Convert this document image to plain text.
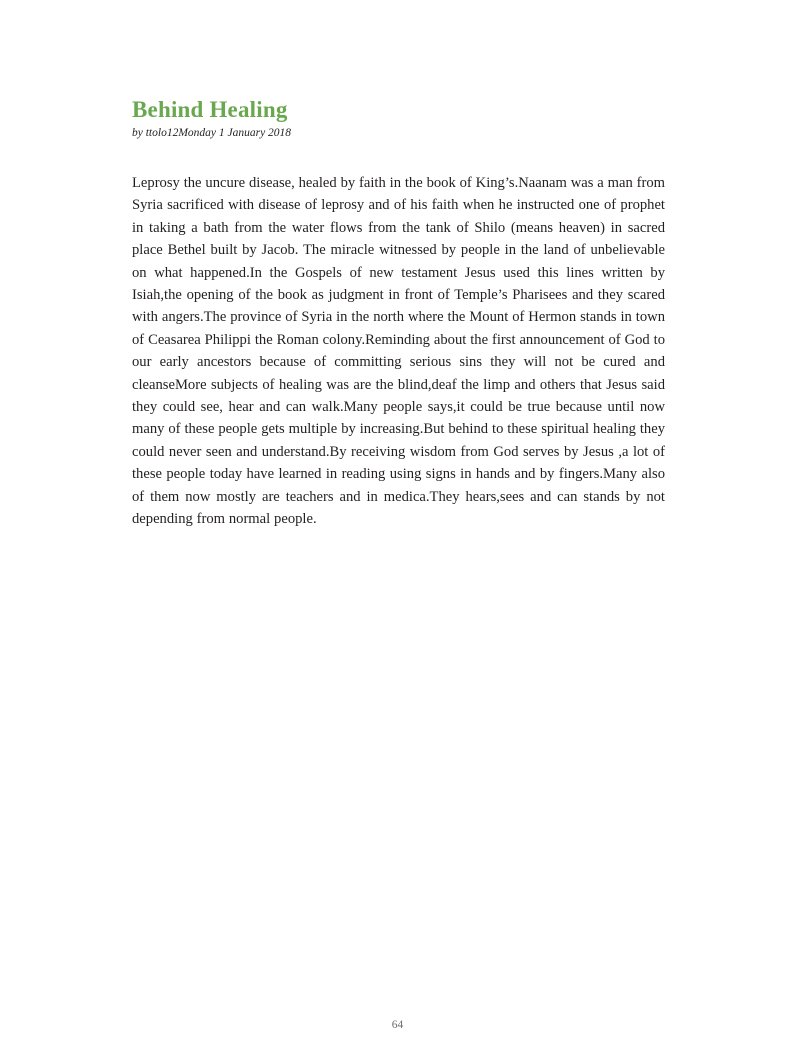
Behind Healing

by ttolo12Monday 1 January 2018

Leprosy the uncure disease, healed by faith in the book of King’s.Naanam was a man from Syria sacrificed with disease of leprosy and of his faith when he instructed one of prophet in taking a bath from the water flows from the tank of Shilo (means heaven) in sacred place Bethel built by Jacob. The miracle witnessed by people in the land of unbelievable on what happened.In the Gospels of new testament Jesus used this lines written by Isiah,the opening of the book as judgment in front of Temple’s Pharisees and they scared with angers.The province of Syria in the north where the Mount of Hermon stands in town of Ceasarea Philippi the Roman colony.Reminding about the first announcement of God to our early ancestors because of committing serious sins they will not be cured and cleanseMore subjects of healing was are the blind,deaf the limp and others that Jesus said they could see, hear and can walk.Many people says,it could be true because until now many of these people gets multiple by increasing.But behind to these spiritual healing they could never seen and understand.By receiving wisdom from God serves by Jesus ,a lot of these people today have learned in reading using signs in hands and by fingers.Many also of them now mostly are teachers and in medica.They hears,sees and can stands by not depending from normal people.

64
